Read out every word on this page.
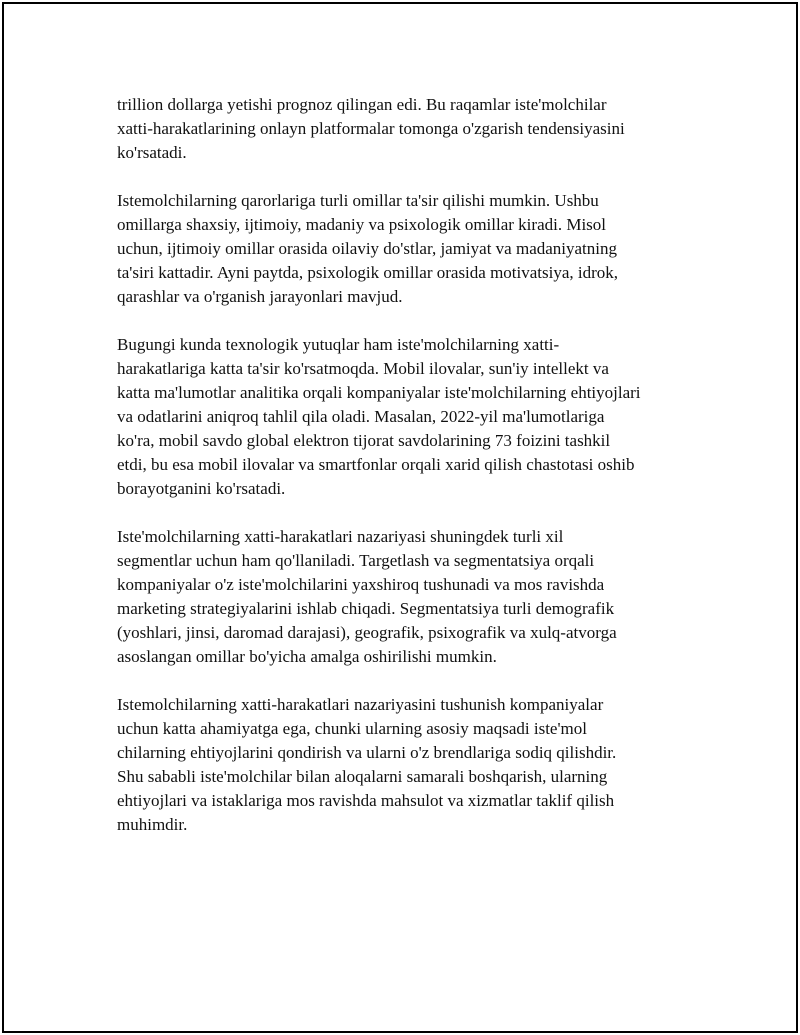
trillion dollarga yetishi prognoz qilingan edi. Bu raqamlar iste'molchilar
xatti-harakatlarining onlayn platformalar tomonga o'zgarish tendensiyasini
ko'rsatadi.

Istemolchilarning qarorlariga turli omillar ta'sir qilishi mumkin. Ushbu
omillarga shaxsiy, ijtimoiy, madaniy va psixologik omillar kiradi. Misol
uchun, ijtimoiy omillar orasida oilaviy do'stlar, jamiyat va madaniyatning
ta'siri kattadir. Ayni paytda, psixologik omillar orasida motivatsiya, idrok,
qarashlar va o'rganish jarayonlari mavjud.

Bugungi kunda texnologik yutuqlar ham iste'molchilarning xatti-
harakatlariga katta ta'sir ko'rsatmoqda. Mobil ilovalar, sun'iy intellekt va
katta ma'lumotlar analitika orqali kompaniyalar iste'molchilarning ehtiyojlari
va odatlarini aniqroq tahlil qila oladi. Masalan, 2022-yil ma'lumotlariga
ko'ra, mobil savdo global elektron tijorat savdolarining 73 foizini tashkil
etdi, bu esa mobil ilovalar va smartfonlar orqali xarid qilish chastotasi oshib
borayotganini ko'rsatadi.

Iste'molchilarning xatti-harakatlari nazariyasi shuningdek turli xil
segmentlar uchun ham qo'llaniladi. Targetlash va segmentatsiya orqali
kompaniyalar o'z iste'molchilarini yaxshiroq tushunadi va mos ravishda
marketing strategiyalarini ishlab chiqadi. Segmentatsiya turli demografik
(yoshlari, jinsi, daromad darajasi), geografik, psixografik va xulq-atvorga
asoslangan omillar bo'yicha amalga oshirilishi mumkin.

Istemolchilarning xatti-harakatlari nazariyasini tushunish kompaniyalar
uchun katta ahamiyatga ega, chunki ularning asosiy maqsadi iste'mol
chilarning ehtiyojlarini qondirish va ularni o'z brendlariga sodiq qilishdir.
Shu sababli iste'molchilar bilan aloqalarni samarali boshqarish, ularning
ehtiyojlari va istaklariga mos ravishda mahsulot va xizmatlar taklif qilish
muhimdir.
